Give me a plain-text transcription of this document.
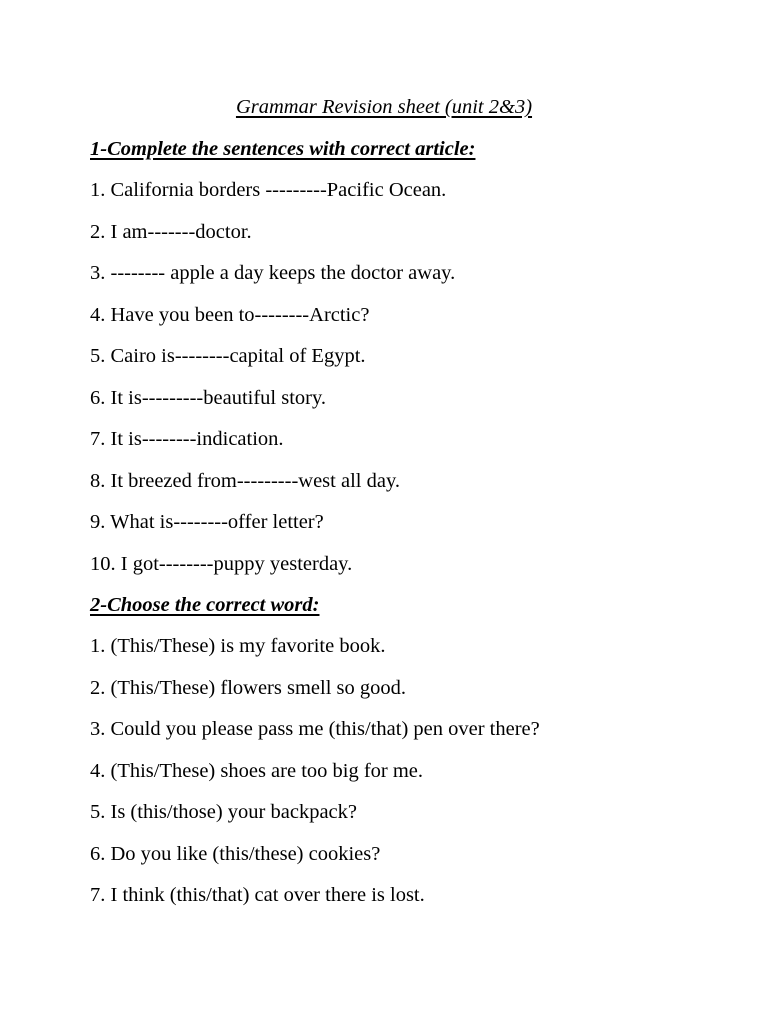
Grammar Revision sheet (unit 2&3)
1-Complete the sentences with correct article:
1. California borders ---------Pacific Ocean.
2. I am-------doctor.
3. -------- apple a day keeps the doctor away.
4. Have you been to--------Arctic?
5. Cairo is--------capital of Egypt.
6. It is---------beautiful story.
7. It is--------indication.
8. It breezed from---------west all day.
9. What is--------offer letter?
10. I got--------puppy yesterday.
2-Choose the correct word:
1. (This/These) is my favorite book.
2. (This/These) flowers smell so good.
3. Could you please pass me (this/that) pen over there?
4. (This/These) shoes are too big for me.
5. Is (this/those) your backpack?
6. Do you like (this/these) cookies?
7. I think (this/that) cat over there is lost.
